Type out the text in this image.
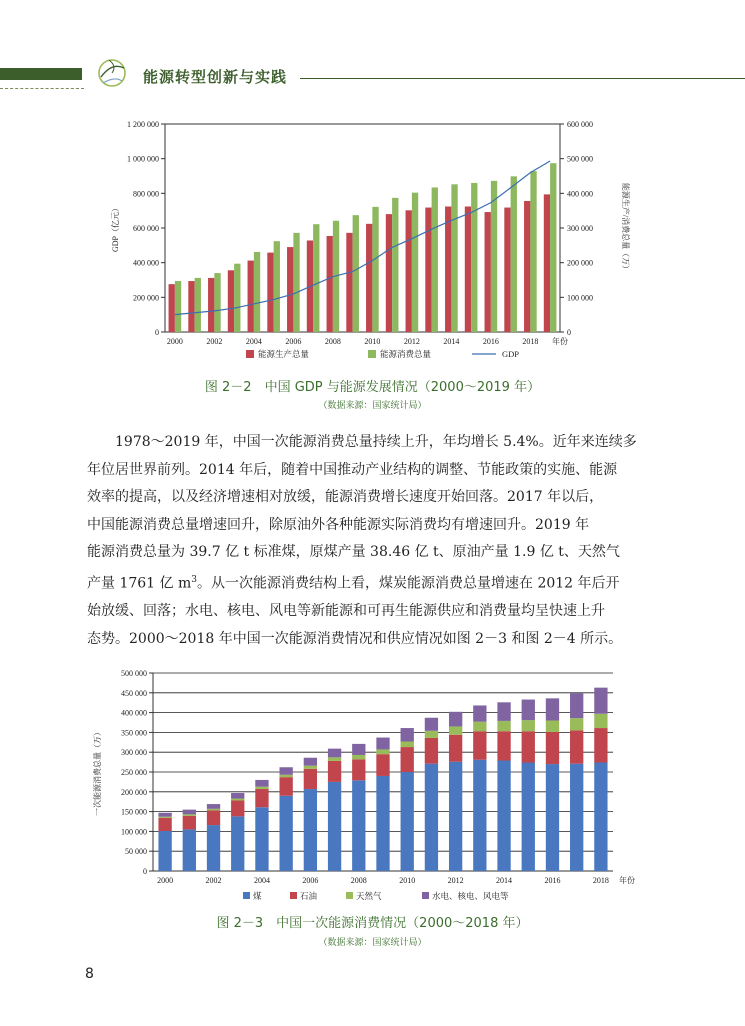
能源转型创新与实践
0
200 000
400 000
600 000
800 000
1 000 000
1 200 000
0
100 000
200 000
300 000
400 000
500 000
600 000
2000	2002	2004	2006	2008	2010	2012	2014	2016	2018 年份
GDP（亿元）	能源生产/消费总量（万）
能源生产总量	能源消费总量	GDP
图 2－2　中国 GDP 与能源发展情况（2000～2019 年）
（数据来源：国家统计局）
1978～2019 年，中国一次能源消费总量持续上升，年均增长 5.4%。近年来连续多
年位居世界前列。2014 年后，随着中国推动产业结构的调整、节能政策的实施、能源
效率的提高，以及经济增速相对放缓，能源消费增长速度开始回落。2017 年以后，
中国能源消费总量增速回升，除原油外各种能源实际消费均有增速回升。2019 年
能源消费总量为 39.7 亿 t 标准煤，原煤产量 38.46 亿 t、原油产量 1.9 亿 t、天然气
产量 1761 亿 $m^3$。从一次能源消费结构上看，煤炭能源消费总量增速在 2012 年后开
始放缓、回落；水电、核电、风电等新能源和可再生能源供应和消费量均呈快速上升
态势。2000～2018 年中国一次能源消费情况和供应情况如图 2－3 和图 2－4 所示。
0
50 000
100 000
150 000
200 000
250 000
300 000
350 000
400 000
450 000
500 000
2000	2002	2004	2006	2008	2010	2012	2014	2016	2018 年份
一次能源消费总量（万）
煤	石油	天然气	水电、核电、风电等
图 2－3　中国一次能源消费情况（2000～2018 年）
（数据来源：国家统计局）
8
